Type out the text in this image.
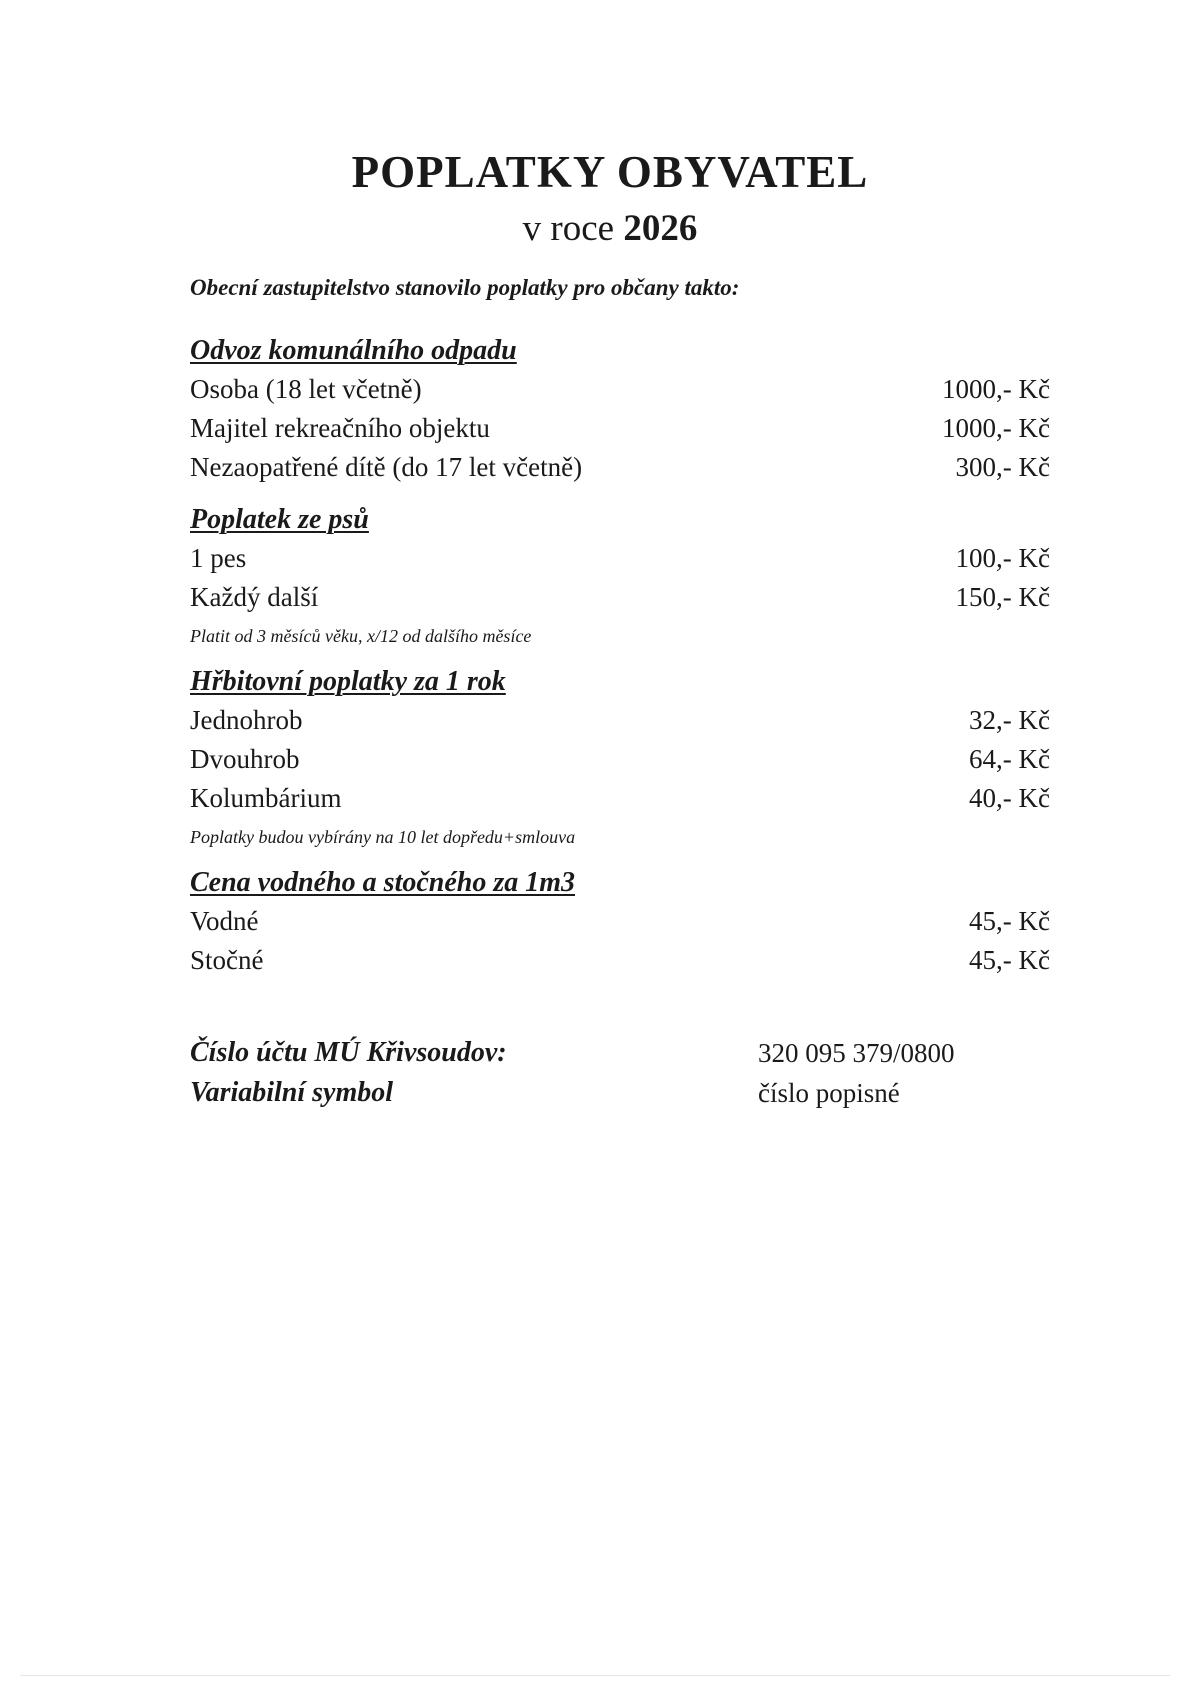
POPLATKY OBYVATEL
v roce 2026
Obecní zastupitelstvo stanovilo poplatky pro občany takto:
Odvoz komunálního odpadu
Osoba (18 let včetně)	1000,- Kč
Majitel rekreačního objektu	1000,- Kč
Nezaopatřené dítě (do 17 let včetně)	300,- Kč
Poplatek ze psů
1 pes	100,- Kč
Každý další	150,- Kč
Platit od 3 měsíců věku, x/12 od dalšího měsíce
Hřbitovní poplatky za 1 rok
Jednohrob	32,- Kč
Dvouhrob	64,- Kč
Kolumbárium	40,- Kč
Poplatky budou vybírány na 10 let dopředu+smlouva
Cena vodného a stočného za 1m3
Vodné	45,- Kč
Stočné	45,- Kč
Číslo účtu MÚ Křivsoudov:	320 095 379/0800
Variabilní symbol	číslo popisné
